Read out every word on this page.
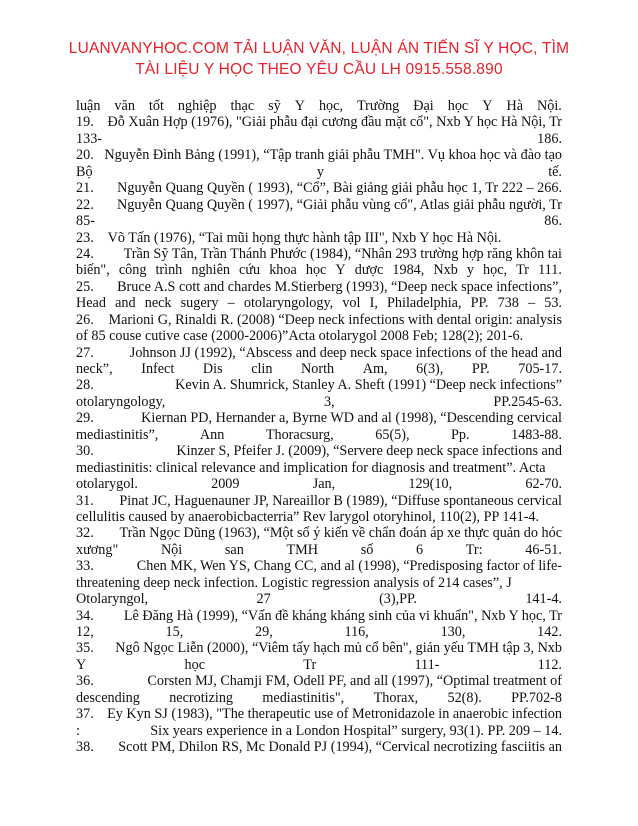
LUANVANYHOC.COM TẢI LUẬN VĂN, LUẬN ÁN TIẾN SĨ Y HỌC, TÌM
TÀI LIỆU Y HỌC THEO YÊU CẦU LH 0915.558.890
luận văn tốt nghiệp thạc sỹ Y học, Trường Đại học Y Hà Nội.
19. Đỗ Xuân Hợp (1976), "Giải phẫu đại cương đầu mặt cổ", Nxb Y học Hà Nội, Tr
133-	186.
20. Nguyễn Đình Bảng (1991), “Tập tranh giải phẫu TMH". Vụ khoa học và đào tạo
Bộ	y	tế.
21. Nguyễn Quang Quyền ( 1993), “Cổ”, Bài giảng giải phẫu học 1, Tr 222 – 266.
22. Nguyễn Quang Quyền ( 1997), “Giải phẫu vùng cổ", Atlas giải phẫu người, Tr
85-	86.
23. Võ Tấn (1976), “Tai mũi họng thực hành tập III", Nxb Y học Hà Nội.
24. Trần Sỹ Tân, Trần Thánh Phước (1984), “Nhân 293 trường hợp răng khôn tai
biến", công trình nghiên cứu khoa học Y dược 1984, Nxb y học, Tr 111.
25. Bruce A.S cott and chardes M.Stierberg (1993), “Deep neck space infections”,
Head and neck sugery – otolaryngology, vol I, Philadelphia, PP. 738 – 53.
26. Marioni G, Rinaldi R. (2008) “Deep neck infections with dental origin: analysis
of 85 couse cutive case (2000-2006)”Acta otolarygol 2008 Feb; 128(2); 201-6.
27.	Johnson JJ (1992), “Abscess and deep neck space infections of the head and
neck”, Infect Dis clin North Am, 6(3), PP. 705-17.
28.	Kevin A. Shumrick, Stanley A. Sheft (1991) “Deep neck infections”
otolaryngology,	3,	PP.2545-63.
29.	Kiernan PD, Hernander a, Byrne WD and al (1998), “Descending cervical
mediastinitis”,	Ann	Thoracsurg,	65(5),	Pp.	1483-88.
30.	Kinzer S, Pfeifer J. (2009), “Servere deep neck space infections and
mediastinitis: clinical relevance and implication for diagnosis and treatment”. Acta
otolarygol.	2009	Jan,	129(10,	62-70.
31. Pinat JC, Haguenauner JP, Nareaillor B (1989), “Diffuse spontaneous cervical
cellulitis caused by anaerobicbacterria” Rev larygol otoryhinol, 110(2), PP 141-4.
32. Trần Ngọc Dũng (1963), “Một số ý kiến về chẩn đoán áp xe thực quản do hóc
xương"	Nội	san	TMH	số	6	Tr:	46-51.
33.	Chen MK, Wen YS, Chang CC, and al (1998), “Predisposing factor of life-
threatening deep neck infection. Logistic regression analysis of 214 cases”, J
Otolaryngol,	27	(3),PP.	141-4.
34. Lê Đăng Hà (1999), “Vấn đề kháng kháng sinh của vi khuẩn", Nxb Y học, Tr
12,	15,	29,	116,	130,	142.
35. Ngô Ngọc Liễn (2000), “Viêm tấy hạch mủ cổ bên", giản yếu TMH tập 3, Nxb
Y	học	Tr	111-	112.
36.	Corsten MJ, Chamji FM, Odell PF, and all (1997), “Optimal treatment of
descending necrotizing mediastinitis", Thorax, 52(8). PP.702-8
37. Ey Kyn SJ (1983), "The therapeutic use of Metronidazole in anaerobic infection
:	Six years experience in a London Hospital” surgery, 93(1). PP. 209 – 14.
38. Scott PM, Dhilon RS, Mc Donald PJ (1994), “Cervical necrotizing fasciitis an
